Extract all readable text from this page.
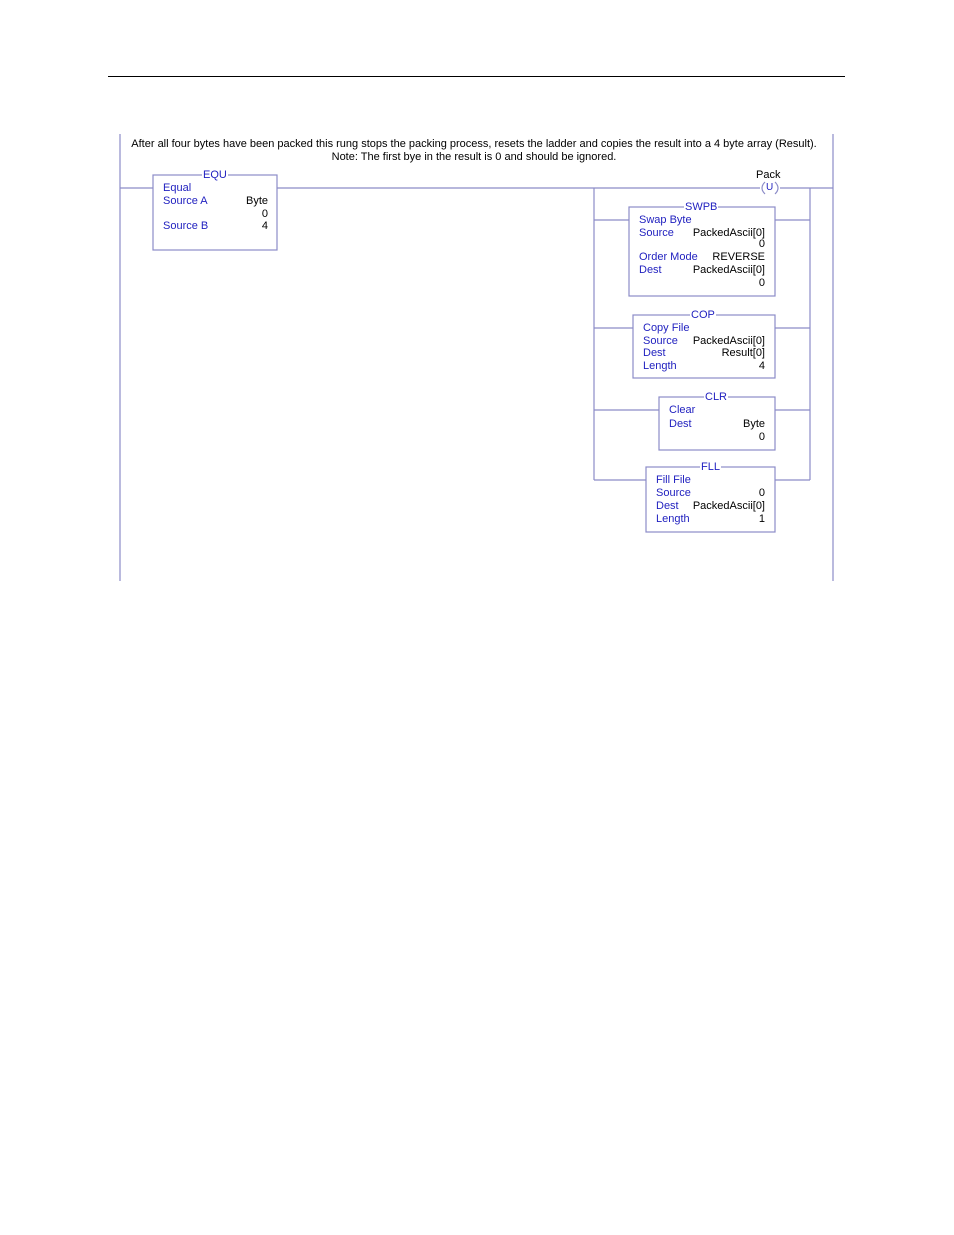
After all four bytes have been packed this rung stops the packing process, resets the ladder and copies the result into a 4 byte array (Result). Note: The first bye in the result is 0 and should be ignored.
Pack
U
EQU
Equal
Source A	Byte
0
Source B	4
SWPB
Swap Byte
Source PackedAscii[0]
0
Order Mode REVERSE
Dest	PackedAscii[0]
0
COP
Copy File
Source PackedAscii[0]
Dest	Result[0]
Length	4
CLR
Clear
Dest	Byte
0
FLL
Fill File
Source	0
Dest PackedAscii[0]
Length	1
